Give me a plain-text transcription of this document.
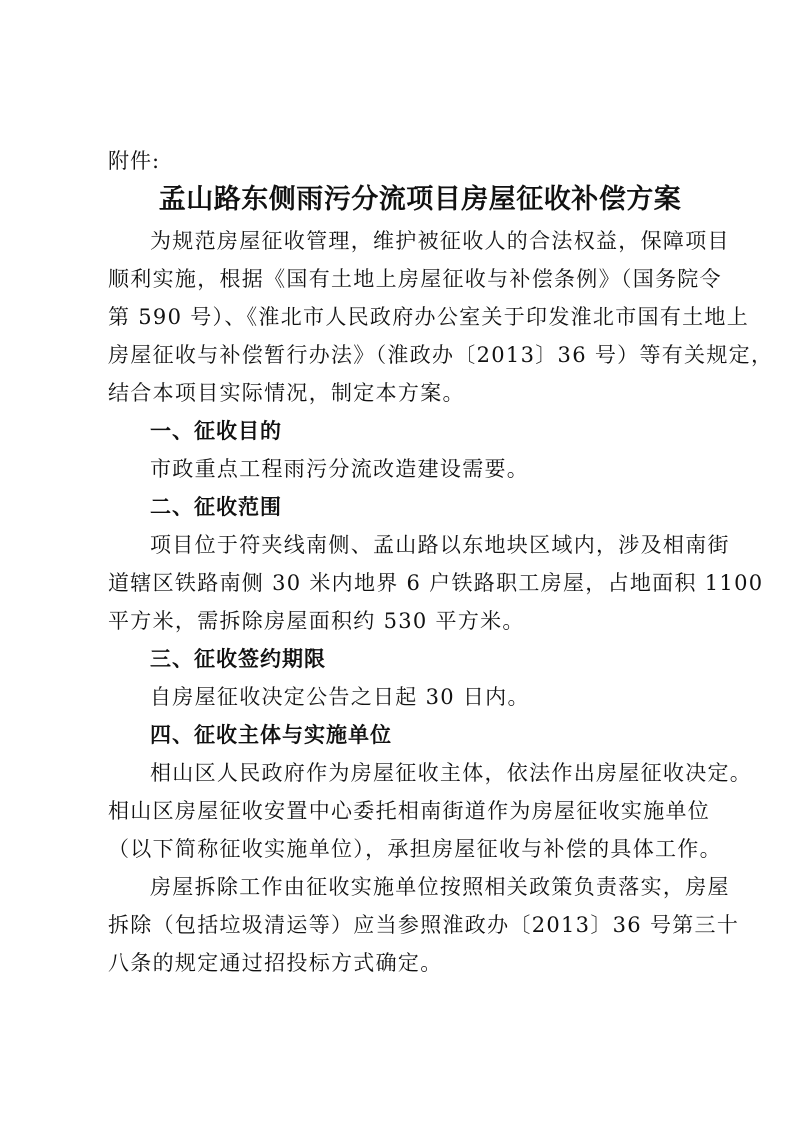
附件:
孟山路东侧雨污分流项目房屋征收补偿方案
为规范房屋征收管理，维护被征收人的合法权益，保障项目
顺利实施，根据《国有土地上房屋征收与补偿条例》（国务院令
第 590 号）、《淮北市人民政府办公室关于印发淮北市国有土地上
房屋征收与补偿暂行办法》（淮政办〔2013〕36 号）等有关规定，
结合本项目实际情况，制定本方案。
一、征收目的
市政重点工程雨污分流改造建设需要。
二、征收范围
项目位于符夹线南侧、孟山路以东地块区域内，涉及相南街
道辖区铁路南侧 30 米内地界 6 户铁路职工房屋，占地面积 1100
平方米，需拆除房屋面积约 530 平方米。
三、征收签约期限
自房屋征收决定公告之日起 30 日内。
四、征收主体与实施单位
相山区人民政府作为房屋征收主体，依法作出房屋征收决定。
相山区房屋征收安置中心委托相南街道作为房屋征收实施单位
（以下简称征收实施单位），承担房屋征收与补偿的具体工作。
房屋拆除工作由征收实施单位按照相关政策负责落实，房屋
拆除（包括垃圾清运等）应当参照淮政办〔2013〕36 号第三十
八条的规定通过招投标方式确定。
